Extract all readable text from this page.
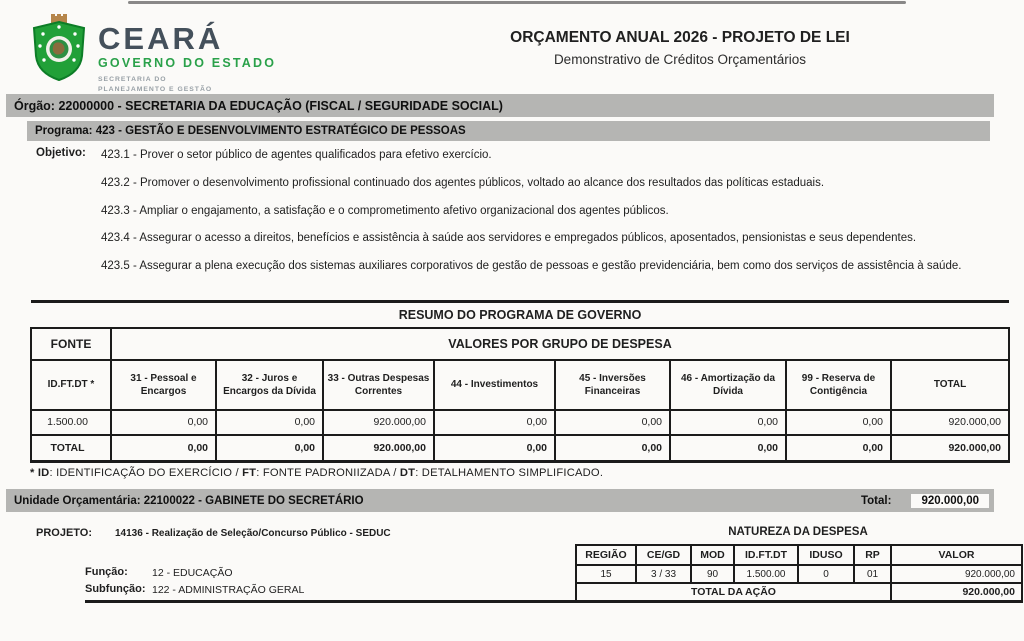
CEARÁ
GOVERNO DO ESTADO
SECRETARIA DO
PLANEJAMENTO E GESTÃO
ORÇAMENTO ANUAL 2026 - PROJETO DE LEI
Demonstrativo de Créditos Orçamentários
Órgão: 22000000 - SECRETARIA DA EDUCAÇÃO (FISCAL / SEGURIDADE SOCIAL)
Programa: 423 - GESTÃO E DESENVOLVIMENTO ESTRATÉGICO DE PESSOAS
Objetivo: 423.1 - Prover o setor público de agentes qualificados para efetivo exercício.
423.2 - Promover o desenvolvimento profissional continuado dos agentes públicos, voltado ao alcance dos resultados das políticas estaduais.
423.3 - Ampliar o engajamento, a satisfação e o comprometimento afetivo organizacional dos agentes públicos.
423.4 - Assegurar o acesso a direitos, benefícios e assistência à saúde aos servidores e empregados públicos, aposentados, pensionistas e seus dependentes.
423.5 - Assegurar a plena execução dos sistemas auxiliares corporativos de gestão de pessoas e gestão previdenciária, bem como dos serviços de assistência à saúde.
RESUMO DO PROGRAMA DE GOVERNO								
FONTE	VALORES POR GRUPO DE DESPESA							
ID.FT.DT *	31 - Pessoal e Encargos	32 - Juros e Encargos da Dívida	33 - Outras Despesas Correntes	44 - Investimentos	45 - Inversões Financeiras	46 - Amortização da Dívida	99 - Reserva de Contigência	TOTAL
1.500.00	0,00	0,00	920.000,00	0,00	0,00	0,00	0,00	920.000,00
TOTAL	0,00	0,00	920.000,00	0,00	0,00	0,00	0,00	920.000,00
* ID: IDENTIFICAÇÃO DO EXERCÍCIO / FT: FONTE PADRONIIZADA / DT: DETALHAMENTO SIMPLIFICADO.
Unidade Orçamentária: 22100022 - GABINETE DO SECRETÁRIO	Total:	920.000,00
PROJETO: 14136 - Realização de Seleção/Concurso Público - SEDUC	NATUREZA DA DESPESA
REGIÃO	CE/GD	MOD	ID.FT.DT	IDUSO	RP	VALOR
15	3 / 33	90	1.500.00	0	01	920.000,00
TOTAL DA AÇÃO						920.000,00
Função: 12 - EDUCAÇÃO
Subfunção: 122 - ADMINISTRAÇÃO GERAL
